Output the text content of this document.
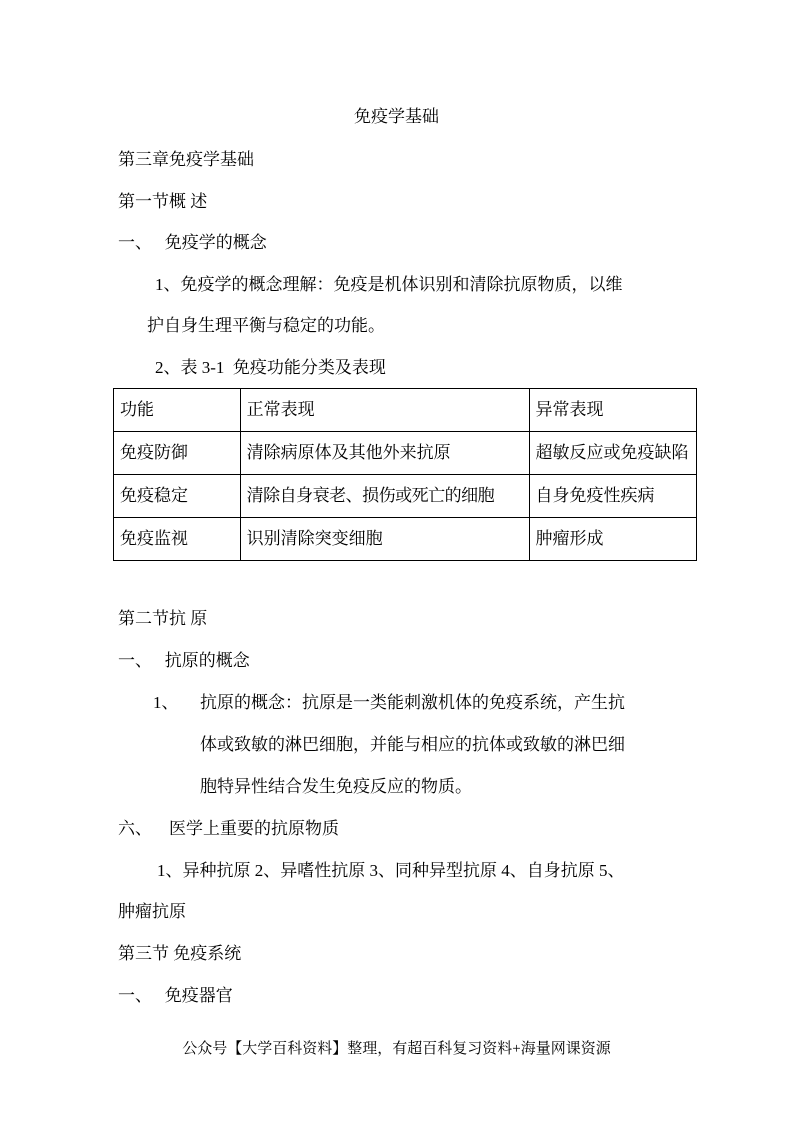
免疫学基础
第三章免疫学基础
第一节概 述
一、   免疫学的概念
1、免疫学的概念理解：免疫是机体识别和清除抗原物质，以维
护自身生理平衡与稳定的功能。
2、表 3-1  免疫功能分类及表现
功能	正常表现	异常表现
免疫防御	清除病原体及其他外来抗原	超敏反应或免疫缺陷
免疫稳定	清除自身衰老、损伤或死亡的细胞	自身免疫性疾病
免疫监视	识别清除突变细胞	肿瘤形成
第二节抗 原
一、   抗原的概念
1、 抗原的概念：抗原是一类能刺激机体的免疫系统，产生抗
体或致敏的淋巴细胞，并能与相应的抗体或致敏的淋巴细
胞特异性结合发生免疫反应的物质。
六、    医学上重要的抗原物质
1、异种抗原 2、异嗜性抗原 3、同种异型抗原 4、自身抗原 5、
肿瘤抗原
第三节 免疫系统
一、   免疫器官
公众号【大学百科资料】整理，有超百科复习资料+海量网课资源
